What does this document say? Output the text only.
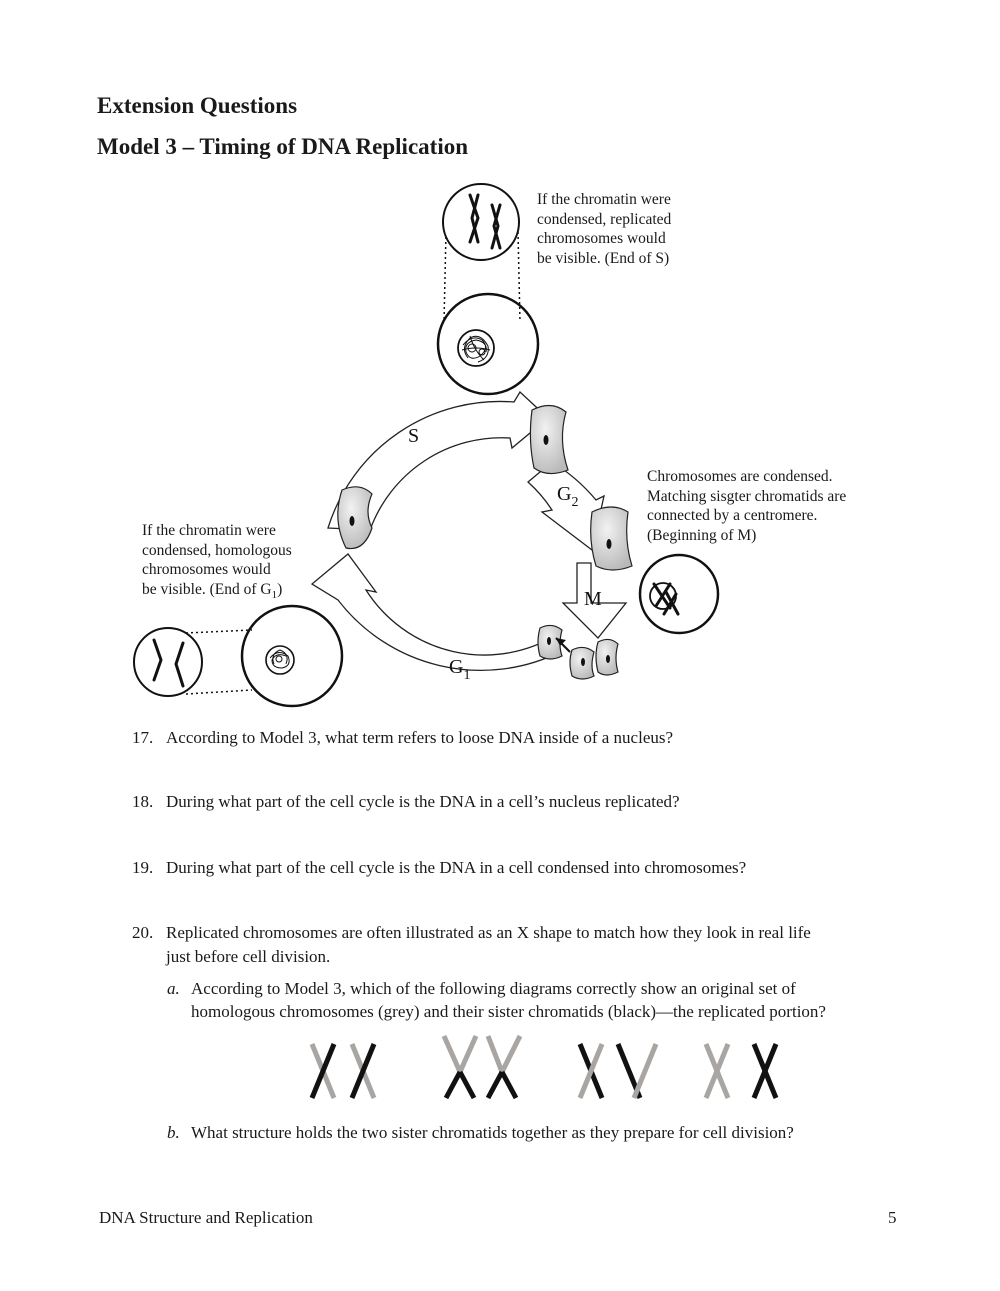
Extension Questions
Model 3 – Timing of DNA Replication
S
$G_2$
M
$G_1$
If the chromatin were
condensed, replicated
chromosomes would
be visible. (End of S)
Chromosomes are condensed.
Matching sisgter chromatids are
connected by a centromere.
(Beginning of M)
If the chromatin were
condensed, homologous
chromosomes would
be visible. (End of $G_1$)
17. According to Model 3, what term refers to loose DNA inside of a nucleus?
18. During what part of the cell cycle is the DNA in a cell’s nucleus replicated?
19. During what part of the cell cycle is the DNA in a cell condensed into chromosomes?
20. Replicated chromosomes are often illustrated as an X shape to match how they look in real life
just before cell division.
a. According to Model 3, which of the following diagrams correctly show an original set of
homologous chromosomes (grey) and their sister chromatids (black)—the replicated portion?
b. What structure holds the two sister chromatids together as they prepare for cell division?
DNA Structure and Replication	5
